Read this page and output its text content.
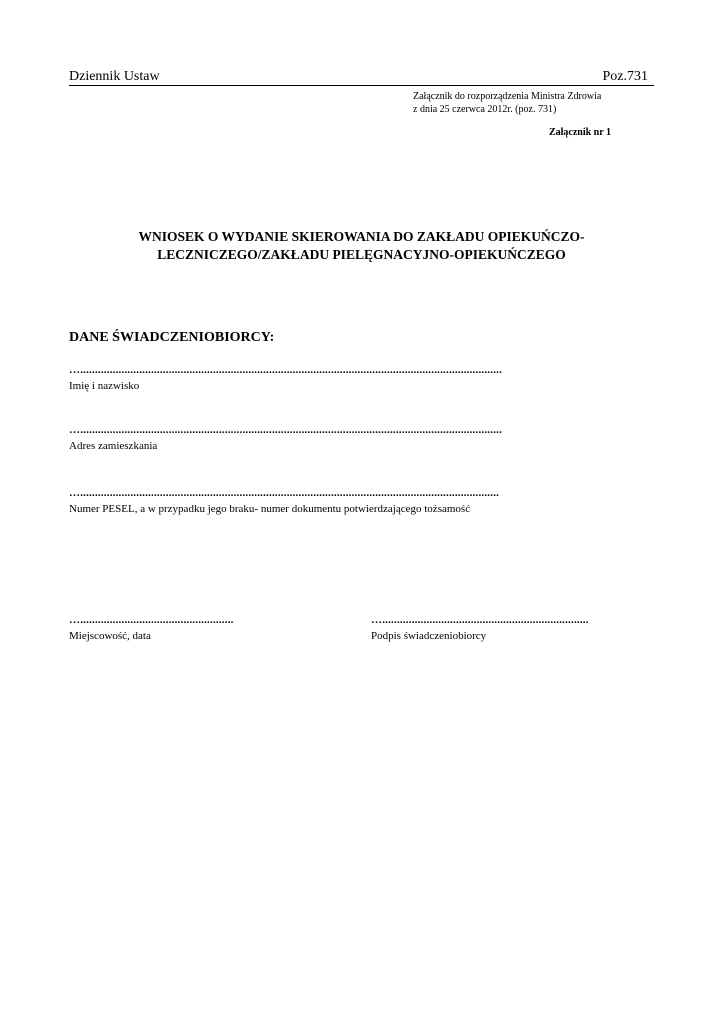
Dziennik Ustaw	Poz.731
Załącznik do rozporządzenia Ministra Zdrowia
z dnia 25 czerwca 2012r. (poz. 731)
Załącznik nr 1
WNIOSEK O WYDANIE SKIEROWANIA DO ZAKŁADU OPIEKUŃCZO-
LECZNICZEGO/ZAKŁADU PIELĘGNACYJNO-OPIEKUŃCZEGO
DANE ŚWIADCZENIOBIORCY:
…...............................................................................................................................................
Imię i nazwisko
…...............................................................................................................................................
Adres zamieszkania
…..............................................................................................................................................
Numer PESEL, a w przypadku jego braku- numer dokumentu potwierdzającego tożsamość
…....................................................
Miejscowość, data
…......................................................................
Podpis świadczeniobiorcy
